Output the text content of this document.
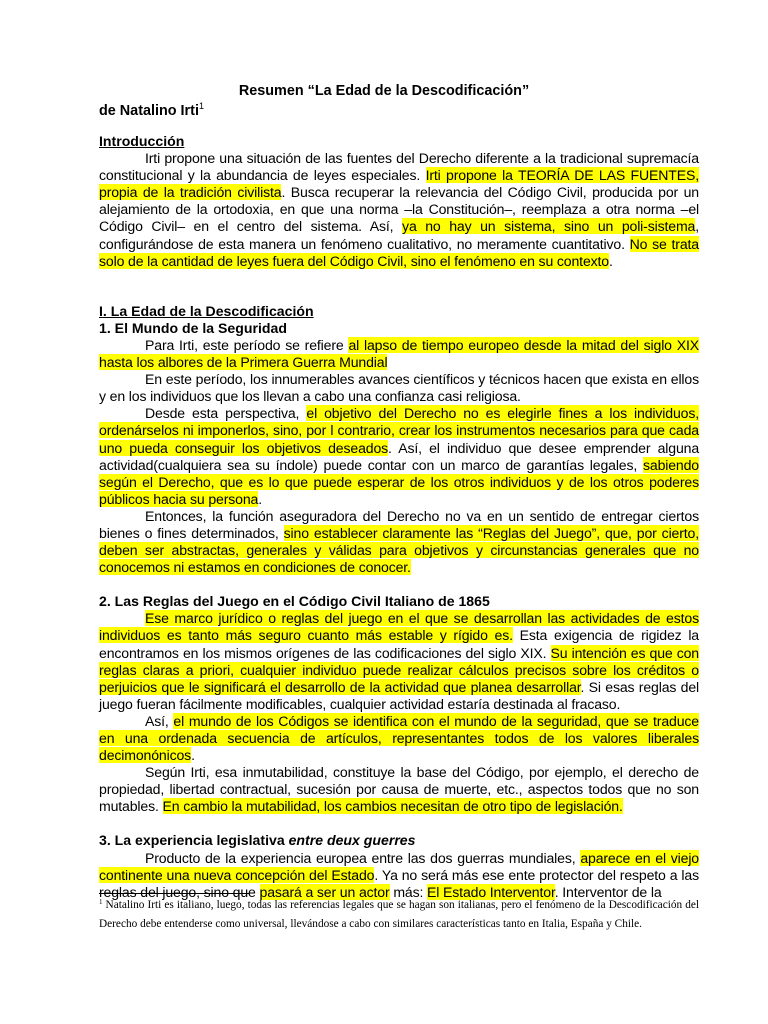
Resumen “La Edad de la Descodificación”
de Natalino Irti$^1$
Introducción

Irti propone una situación de las fuentes del Derecho diferente a la tradicional supremacía constitucional y la abundancia de leyes especiales. Irti propone la TEORÍA DE LAS FUENTES, propia de la tradición civilista. Busca recuperar la relevancia del Código Civil, producida por un alejamiento de la ortodoxia, en que una norma –la Constitución–, reemplaza a otra norma –el Código Civil– en el centro del sistema. Así, ya no hay un sistema, sino un poli-sistema, configurándose de esta manera un fenómeno cualitativo, no meramente cuantitativo. No se trata solo de la cantidad de leyes fuera del Código Civil, sino el fenómeno en su contexto.

I. La Edad de la Descodificación
1. El Mundo de la Seguridad

Para Irti, este período se refiere al lapso de tiempo europeo desde la mitad del siglo XIX hasta los albores de la Primera Guerra Mundial

En este período, los innumerables avances científicos y técnicos hacen que exista en ellos y en los individuos que los llevan a cabo una confianza casi religiosa.

Desde esta perspectiva, el objetivo del Derecho no es elegirle fines a los individuos, ordenárselos ni imponerlos, sino, por l contrario, crear los instrumentos necesarios para que cada uno pueda conseguir los objetivos deseados. Así, el individuo que desee emprender alguna actividad(cualquiera sea su índole) puede contar con un marco de garantías legales, sabiendo según el Derecho, que es lo que puede esperar de los otros individuos y de los otros poderes públicos hacia su persona.

Entonces, la función aseguradora del Derecho no va en un sentido de entregar ciertos bienes o fines determinados, sino establecer claramente las “Reglas del Juego”, que, por cierto, deben ser abstractas, generales y válidas para objetivos y circunstancias generales que no conocemos ni estamos en condiciones de conocer.

2. Las Reglas del Juego en el Código Civil Italiano de 1865

Ese marco jurídico o reglas del juego en el que se desarrollan las actividades de estos individuos es tanto más seguro cuanto más estable y rígido es. Esta exigencia de rigidez la encontramos en los mismos orígenes de las codificaciones del siglo XIX. Su intención es que con reglas claras a priori, cualquier individuo puede realizar cálculos precisos sobre los créditos o perjuicios que le significará el desarrollo de la actividad que planea desarrollar. Si esas reglas del juego fueran fácilmente modificables, cualquier actividad estaría destinada al fracaso.

Así, el mundo de los Códigos se identifica con el mundo de la seguridad, que se traduce en una ordenada secuencia de artículos, representantes todos de los valores liberales decimonónicos.

Según Irti, esa inmutabilidad, constituye la base del Código, por ejemplo, el derecho de propiedad, libertad contractual, sucesión por causa de muerte, etc., aspectos todos que no son mutables. En cambio la mutabilidad, los cambios necesitan de otro tipo de legislación.

3. La experiencia legislativa entre deux guerres

Producto de la experiencia europea entre las dos guerras mundiales, aparece en el viejo continente una nueva concepción del Estado. Ya no será más ese ente protector del respeto a las reglas del juego, sino que pasará a ser un actor más: El Estado Interventor. Interventor de la

$^1$ Natalino Irti es italiano, luego, todas las referencias legales que se hagan son italianas, pero el fenómeno de la Descodificación del Derecho debe entenderse como universal, llevándose a cabo con similares características tanto en Italia, España y Chile.
